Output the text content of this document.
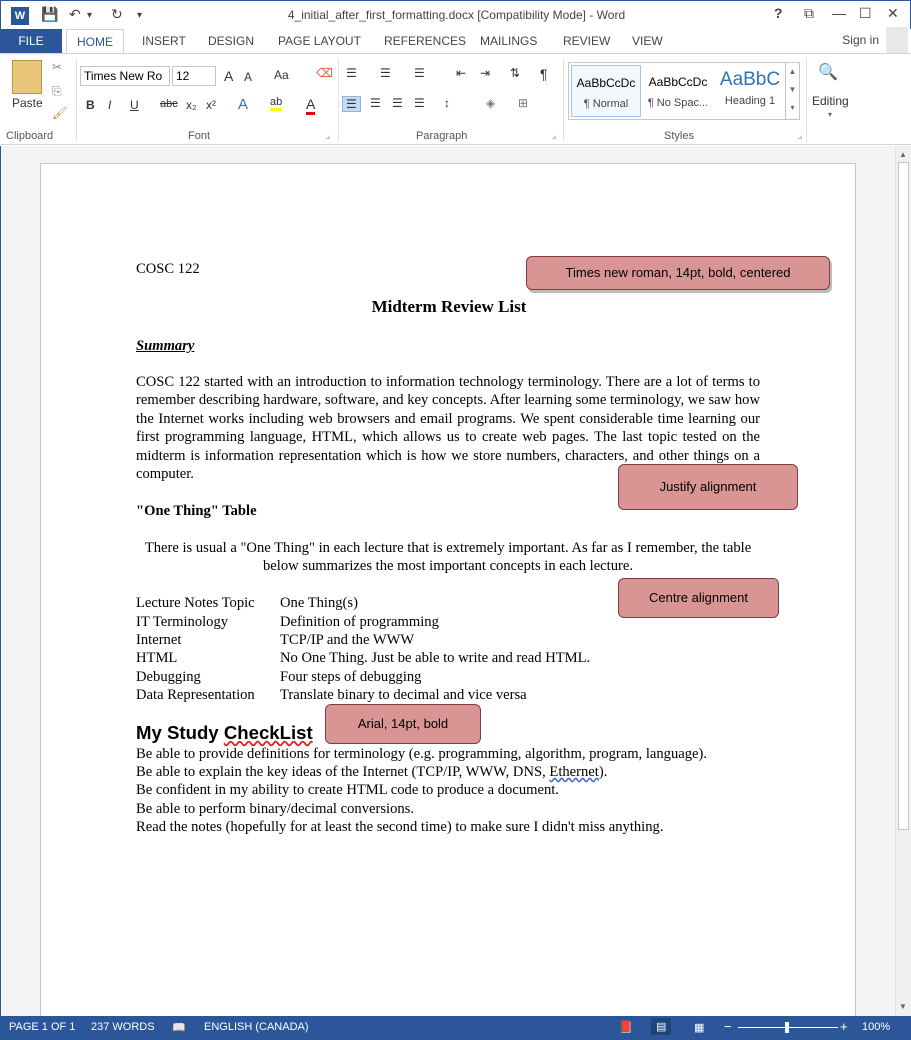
W 💾 ↶ ▾ ↻ ▾	4_initial_after_first_formatting.docx [Compatibility Mode] - Word	? ⧉ — ☐ ✕
FILE	HOME	INSERT	DESIGN	PAGE LAYOUT	REFERENCES	MAILINGS	REVIEW	VIEW	Sign in
Paste
✂
⎘
🖌
Clipboard
Times New Ro	12	A A Aa ⌫
B I U abc x₂ x² A ab A
Font	⌟
☰ ☰ ☰	⇤ ⇥ ⇅ ¶
☰	☰ ☰ ☰ ↕	◈ ⊞
Paragraph	⌟
AaBbCcDc
¶ Normal
AaBbCcDc
¶ No Spac...
AaBbC
Heading 1
▲
▼
▾
Styles	⌟
🔍
Editing
▾
COSC 122
Midterm Review List
Summary
COSC 122 started with an introduction to information technology terminology. There are a lot of terms to remember describing hardware, software, and key concepts. After learning some terminology, we saw how the Internet works including web browsers and email programs. We spent considerable time learning our first programming language, HTML, which allows us to create web pages. The last topic tested on the midterm is information representation which is how we store numbers, characters, and other things on a computer.
"One Thing" Table
There is usual a "One Thing" in each lecture that is extremely important. As far as I remember, the table below summarizes the most important concepts in each lecture.
Lecture Notes Topic One Thing(s)
IT Terminology	Definition of programming
Internet	TCP/IP and the WWW
HTML	No One Thing. Just be able to write and read HTML.
Debugging	Four steps of debugging
Data Representation Translate binary to decimal and vice versa
My Study CheckList
Be able to provide definitions for terminology (e.g. programming, algorithm, program, language).
Be able to explain the key ideas of the Internet (TCP/IP, WWW, DNS, Ethernet).
Be confident in my ability to create HTML code to produce a document.
Be able to perform binary/decimal conversions.
Read the notes (hopefully for at least the second time) to make sure I didn't miss anything.
Times new roman, 14pt, bold, centered
Justify alignment
Centre alignment
Arial, 14pt, bold
▲
▼
PAGE 1 OF 1 237 WORDS 📖 ENGLISH (CANADA)	📕	▤	▦ −	+ 100%
